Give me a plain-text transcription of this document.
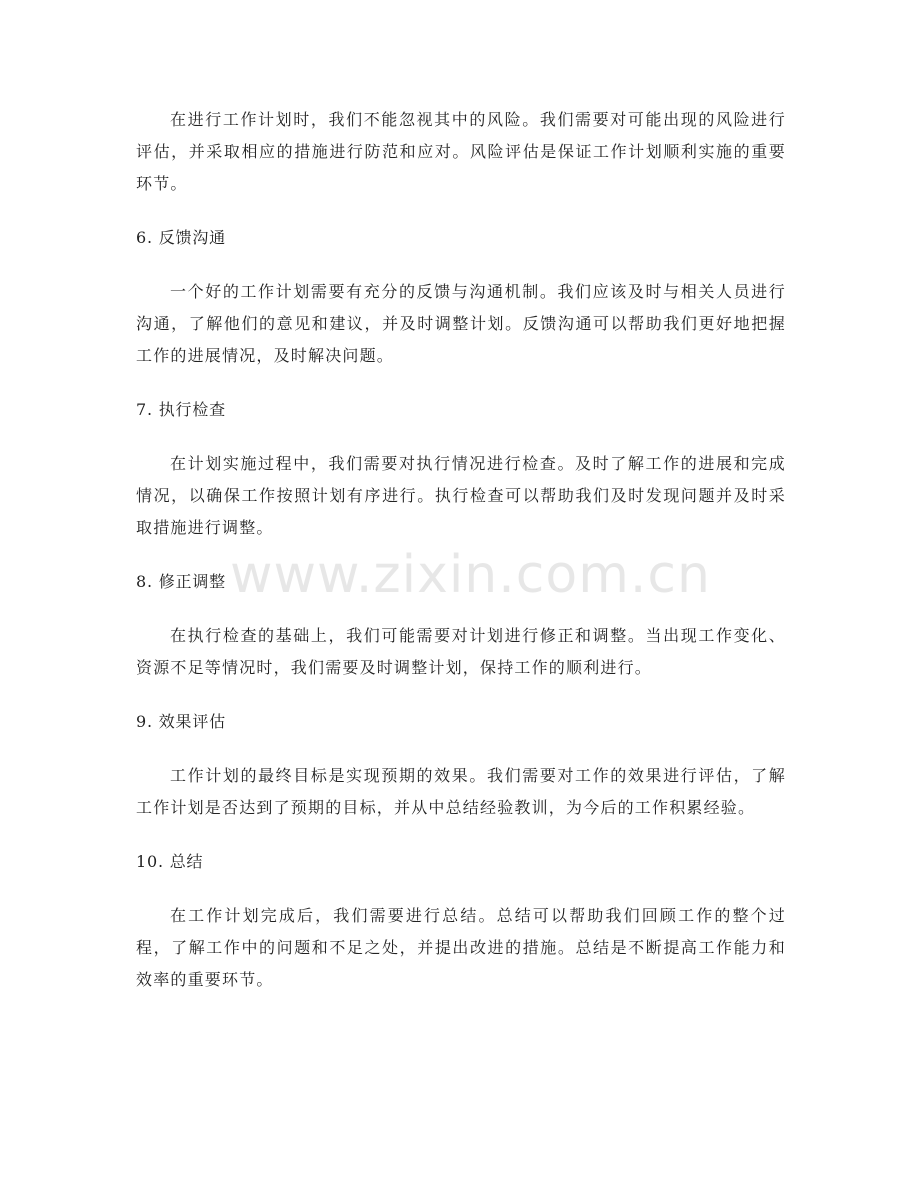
在进行工作计划时，我们不能忽视其中的风险。我们需要对可能出现的风险进行评估，并采取相应的措施进行防范和应对。风险评估是保证工作计划顺利实施的重要环节。

6. 反馈沟通

一个好的工作计划需要有充分的反馈与沟通机制。我们应该及时与相关人员进行沟通，了解他们的意见和建议，并及时调整计划。反馈沟通可以帮助我们更好地把握工作的进展情况，及时解决问题。

7. 执行检查

在计划实施过程中，我们需要对执行情况进行检查。及时了解工作的进展和完成情况，以确保工作按照计划有序进行。执行检查可以帮助我们及时发现问题并及时采取措施进行调整。

8. 修正调整

在执行检查的基础上，我们可能需要对计划进行修正和调整。当出现工作变化、资源不足等情况时，我们需要及时调整计划，保持工作的顺利进行。

9. 效果评估

工作计划的最终目标是实现预期的效果。我们需要对工作的效果进行评估，了解工作计划是否达到了预期的目标，并从中总结经验教训，为今后的工作积累经验。

10. 总结

在工作计划完成后，我们需要进行总结。总结可以帮助我们回顾工作的整个过程，了解工作中的问题和不足之处，并提出改进的措施。总结是不断提高工作能力和效率的重要环节。

www.zixin.com.cn
